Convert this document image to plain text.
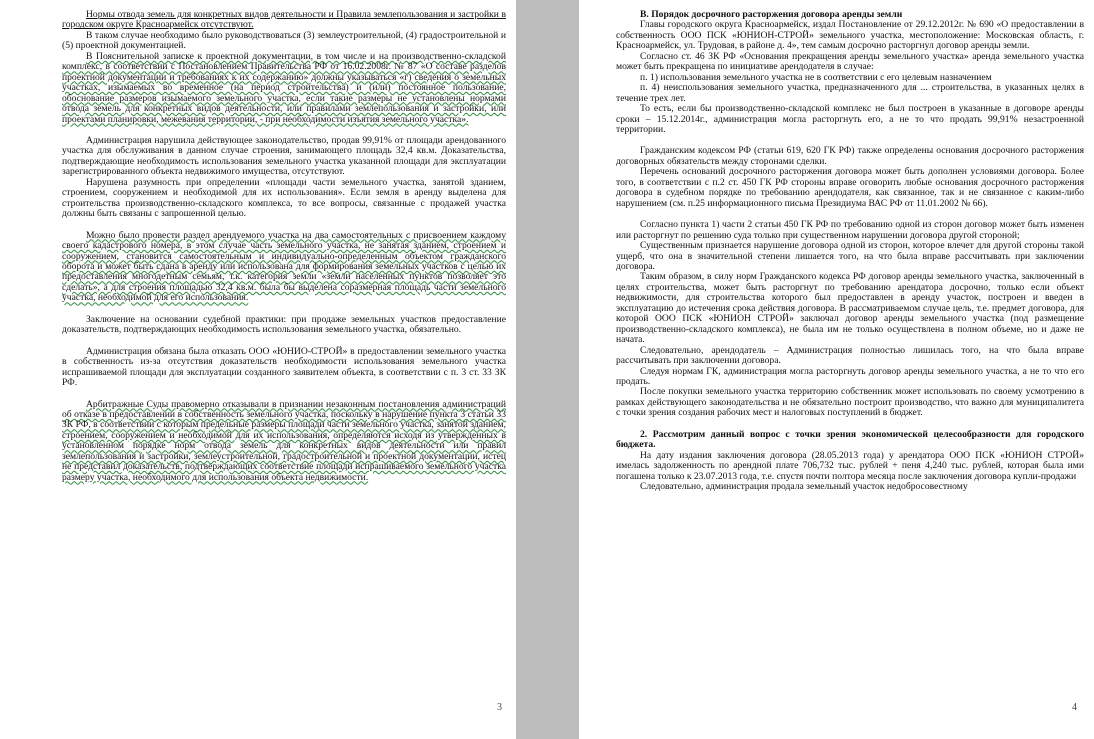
Нормы отвода земель для конкретных видов деятельности и Правила землепользования и застройки в городском округе Красноармейск отсутствуют.

В таком случае необходимо было руководствоваться (3) землеустроительной, (4) градостроительной и (5) проектной документацией.

В Пояснительной записке к проектной документации, в том числе и на производственно-складской комплекс, в соответствии с Постановлением Правительства РФ от 16.02.2008г. № 87 «О составе разделов проектной документации и требованиях к их содержанию» должны указываться «г) сведения о земельных участках, изымаемых во временное (на период строительства) и (или) постоянное пользование, обоснование размеров изымаемого земельного участка, если такие размеры не установлены нормами отвода земель для конкретных видов деятельности, или правилами землепользования и застройки, или проектами планировки, межевания территории, - при необходимости изъятия земельного участка».

Администрация нарушила действующее законодательство, продав 99,91% от площади арендованного участка для обслуживания в данном случае строения, занимающего площадь 32,4 кв.м. Доказательства, подтверждающие необходимость использования земельного участка указанной площади для эксплуатации зарегистрированного объекта недвижимого имущества, отсутствуют.

Нарушена разумность при определении «площади части земельного участка, занятой зданием, строением, сооружением и необходимой для их использования». Если земля в аренду выделена для строительства производственно-складского комплекса, то все вопросы, связанные с продажей участка должны быть связаны с запрошенной целью.

Можно было провести раздел арендуемого участка на два самостоятельных с присвоением каждому своего кадастрового номера, в этом случае часть земельного участка, не занятая зданием, строением и сооружением, становится самостоятельным и индивидуально-определенным объектом гражданского оборота и может быть сдана в аренду или использована для формирования земельных участков с целью их предоставления многодетным семьям, т.к. категория земли «земли населенных пунктов позволяет это сделать», а для строения площадью 32,4 кв.м. была бы выделена соразмерная площадь части земельного участка, необходимой для его использования.

Заключение на основании судебной практики: при продаже земельных участков предоставление доказательств, подтверждающих необходимость использования земельного участка, обязательно.

Администрация обязана была отказать ООО «ЮНИО-СТРОЙ» в предоставлении земельного участка в собственность из-за отсутствия доказательств необходимости использования земельного участка испрашиваемой площади для эксплуатации созданного заявителем объекта, в соответствии с п. 3 ст. 33 ЗК РФ.

Арбитражные Суды правомерно отказывали в признании незаконным постановления администраций об отказе в предоставлении в собственность земельного участка, поскольку в нарушение пункта 3 статьи 33 ЗК РФ, в соответствии с которым предельные размеры площади части земельного участка, занятой зданием, строением, сооружением и необходимой для их использования, определяются исходя из утвержденных в установленном порядке норм отвода земель для конкретных видов деятельности или правил землепользования и застройки, землеустроительной, градостроительной и проектной документации, истец не представил доказательств, подтверждающих соответствие площади испрашиваемого земельного участка размеру участка, необходимого для использования объекта недвижимости.

3

В. Порядок досрочного расторжения договора аренды земли

Главы городского округа Красноармейск, издал Постановление от 29.12.2012г. № 690 «О предоставлении в собственность ООО ПСК «ЮНИОН-СТРОЙ» земельного участка, местоположение: Московская область, г. Красноармейск, ул. Трудовая, в районе д. 4», тем самым досрочно расторгнул договор аренды земли.

Согласно ст. 46 ЗК РФ «Основания прекращения аренды земельного участка» аренда земельного участка может быть прекращена по инициативе арендодателя в случае:

п. 1) использования земельного участка не в соответствии с его целевым назначением

п. 4) неиспользования земельного участка, предназначенного для ... строительства, в указанных целях в течение трех лет.

То есть, если бы производственно-складской комплекс не был построен в указанные в договоре аренды сроки – 15.12.2014г., администрация могла расторгнуть его, а не то что продать 99,91% незастроенной территории.

Гражданским кодексом РФ (статьи 619, 620 ГК РФ) также определены основания досрочного расторжения договорных обязательств между сторонами сделки.

Перечень оснований досрочного расторжения договора может быть дополнен условиями договора. Более того, в соответствии с п.2 ст. 450 ГК РФ стороны вправе оговорить любые основания досрочного расторжения договора в судебном порядке по требованию арендодателя, как связанное, так и не связанное с каким-либо нарушением (см. п.25 информационного письма Президиума ВАС РФ от 11.01.2002 № 66).

Согласно пункта 1) части 2 статьи 450 ГК РФ по требованию одной из сторон договор может быть изменен или расторгнут по решению суда только при существенном нарушении договора другой стороной;

Существенным признается нарушение договора одной из сторон, которое влечет для другой стороны такой ущерб, что она в значительной степени лишается того, на что была вправе рассчитывать при заключении договора.

Таким образом, в силу норм Гражданского кодекса РФ договор аренды земельного участка, заключенный в целях строительства, может быть расторгнут по требованию арендатора досрочно, только если объект недвижимости, для строительства которого был предоставлен в аренду участок, построен и введен в эксплуатацию до истечения срока действия договора. В рассматриваемом случае цель, т.е. предмет договора, для которой ООО ПСК «ЮНИОН СТРОЙ» заключал договор аренды земельного участка (под размещение производственно-складского комплекса), не была им не только осуществлена в полном объеме, но и даже не начата.

Следовательно, арендодатель – Администрация полностью лишилась того, на что была вправе рассчитывать при заключении договора.

Следуя нормам ГК, администрация могла расторгнуть договор аренды земельного участка, а не то что его продать.

После покупки земельного участка территорию собственник может использовать по своему усмотрению в рамках действующего законодательства и не обязательно построит производство, что важно для муниципалитета с точки зрения создания рабочих мест и налоговых поступлений в бюджет.

2. Рассмотрим данный вопрос с точки зрения экономической целесообразности для городского бюджета.

На дату издания заключения договора (28.05.2013 года) у арендатора ООО ПСК «ЮНИОН СТРОЙ» имелась задолженность по арендной плате 706,732 тыс. рублей + пеня 4,240 тыс. рублей, которая была ими погашена только к 23.07.2013 года, т.е. спустя почти полтора месяца после заключения договора купли-продажи

Следовательно, администрация продала земельный участок недобросовестному

4
